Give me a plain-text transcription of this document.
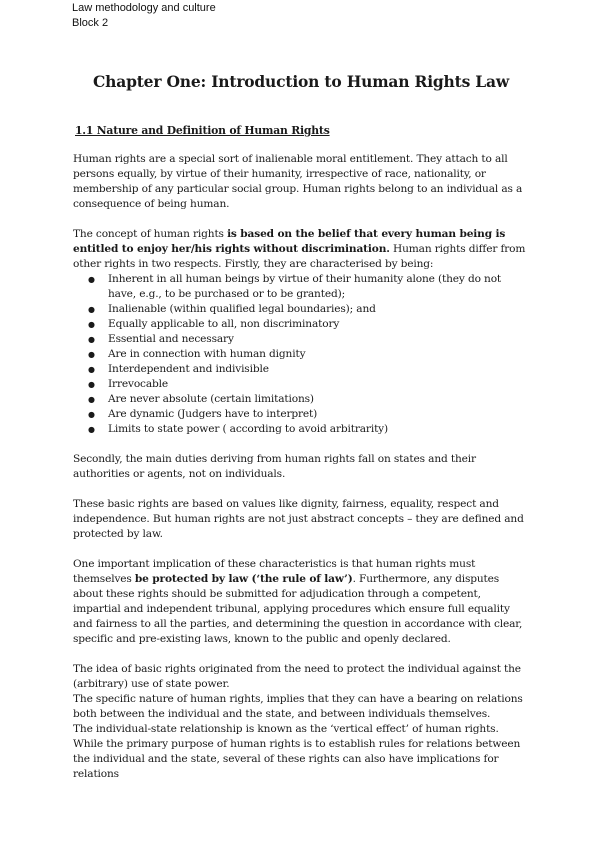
Law methodology and culture
Block 2
Chapter One: Introduction to Human Rights Law
1.1 Nature and Definition of Human Rights

Human rights are a special sort of inalienable moral entitlement. They attach to all persons equally, by virtue of their humanity, irrespective of race, nationality, or membership of any particular social group. Human rights belong to an individual as a consequence of being human.

The concept of human rights is based on the belief that every human being is entitled to enjoy her/his rights without discrimination. Human rights differ from other rights in two respects. Firstly, they are characterised by being:

● Inherent in all human beings by virtue of their humanity alone (they do not have, e.g., to be purchased or to be granted);
● Inalienable (within qualified legal boundaries); and
● Equally applicable to all, non discriminatory
● Essential and necessary
● Are in connection with human dignity
● Interdependent and indivisible
● Irrevocable
● Are never absolute (certain limitations)
● Are dynamic (Judgers have to interpret)
● Limits to state power ( according to avoid arbitrarity)

Secondly, the main duties deriving from human rights fall on states and their authorities or agents, not on individuals.

These basic rights are based on values like dignity, fairness, equality, respect and independence. But human rights are not just abstract concepts – they are defined and protected by law.

One important implication of these characteristics is that human rights must themselves be protected by law (‘the rule of law’). Furthermore, any disputes about these rights should be submitted for adjudication through a competent, impartial and independent tribunal, applying procedures which ensure full equality and fairness to all the parties, and determining the question in accordance with clear, specific and pre-existing laws, known to the public and openly declared.

The idea of basic rights originated from the need to protect the individual against the (arbitrary) use of state power.

The specific nature of human rights, implies that they can have a bearing on relations both between the individual and the state, and between individuals themselves.

The individual-state relationship is known as the ‘vertical effect’ of human rights. While the primary purpose of human rights is to establish rules for relations between the individual and the state, several of these rights can also have implications for relations
